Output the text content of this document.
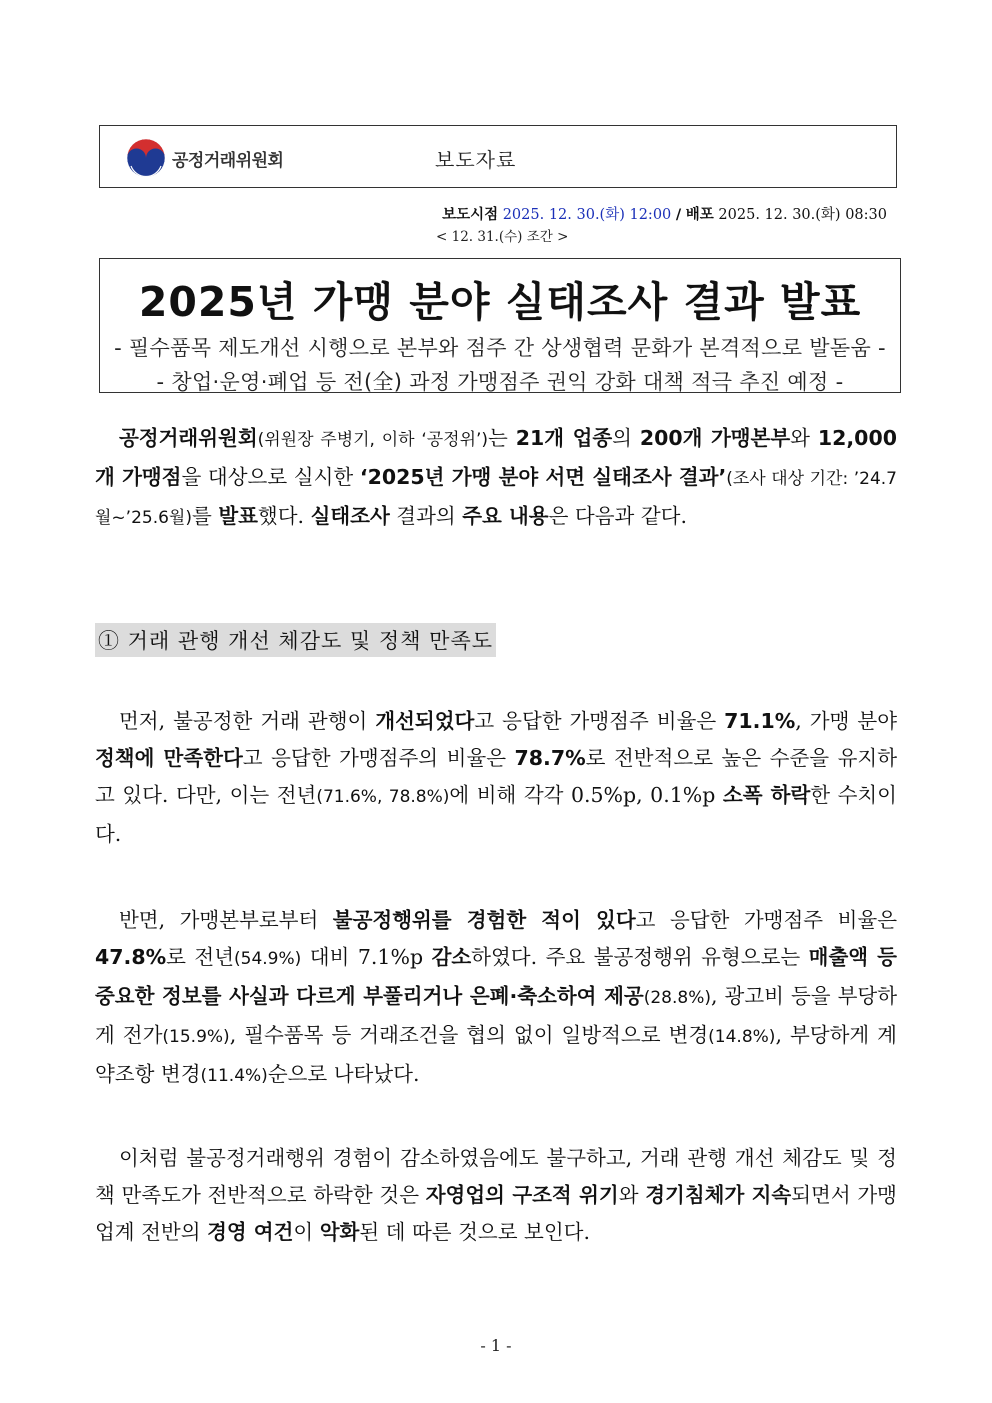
공정거래위원회	보도자료
보도시점 2025. 12. 30.(화) 12:00 / 배포 2025. 12. 30.(화) 08:30
< 12. 31.(수) 조간 >
2025년 가맹 분야 실태조사 결과 발표
- 필수품목 제도개선 시행으로 본부와 점주 간 상생협력 문화가 본격적으로 발돋움 -
- 창업·운영·폐업 등 전(全) 과정 가맹점주 권익 강화 대책 적극 추진 예정 -

공정거래위원회(위원장 주병기, 이하 ‘공정위’)는 21개 업종의 200개 가맹본부와 12,000개 가맹점을 대상으로 실시한 ‘2025년 가맹 분야 서면 실태조사 결과’(조사 대상 기간: ’24.7월~’25.6월)를 발표했다. 실태조사 결과의 주요 내용은 다음과 같다.

① 거래 관행 개선 체감도 및 정책 만족도

먼저, 불공정한 거래 관행이 개선되었다고 응답한 가맹점주 비율은 71.1%, 가맹 분야 정책에 만족한다고 응답한 가맹점주의 비율은 78.7%로 전반적으로 높은 수준을 유지하고 있다. 다만, 이는 전년(71.6%, 78.8%)에 비해 각각 0.5%p, 0.1%p 소폭 하락한 수치이다.

반면, 가맹본부로부터 불공정행위를 경험한 적이 있다고 응답한 가맹점주 비율은 47.8%로 전년(54.9%) 대비 7.1%p 감소하였다. 주요 불공정행위 유형으로는 매출액 등 중요한 정보를 사실과 다르게 부풀리거나 은폐·축소하여 제공(28.8%), 광고비 등을 부당하게 전가(15.9%), 필수품목 등 거래조건을 협의 없이 일방적으로 변경(14.8%), 부당하게 계약조항 변경(11.4%)순으로 나타났다.

이처럼 불공정거래행위 경험이 감소하였음에도 불구하고, 거래 관행 개선 체감도 및 정책 만족도가 전반적으로 하락한 것은 자영업의 구조적 위기와 경기침체가 지속되면서 가맹 업계 전반의 경영 여건이 악화된 데 따른 것으로 보인다.

- 1 -
